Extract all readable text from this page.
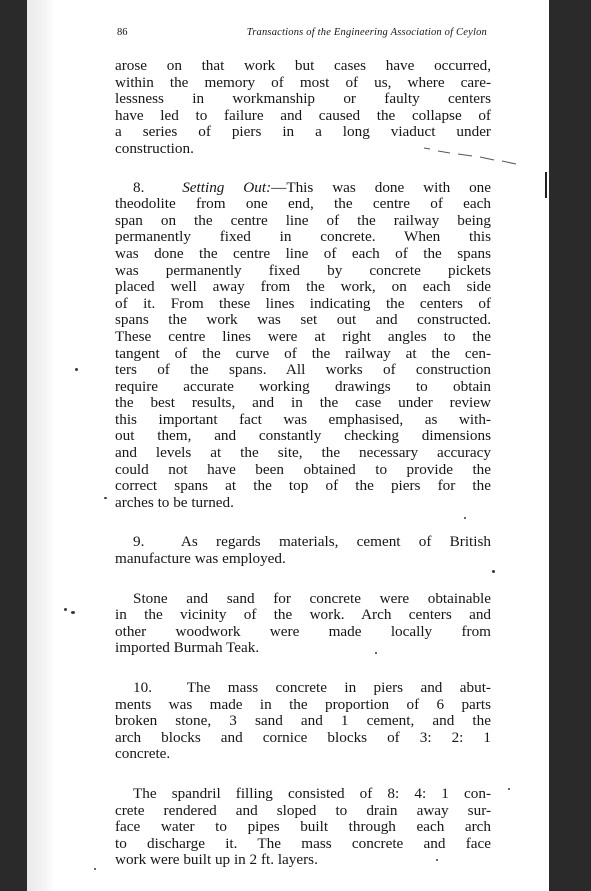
86	Transactions of the Engineering Association of Ceylon

arose on that work but cases have occurred,
within the memory of most of us, where care-
lessness in workmanship or faulty centers
have led to failure and caused the collapse of
a series of piers in a long viaduct under
construction.

8. Setting Out:—This was done with one
theodolite from one end, the centre of each
span on the centre line of the railway being
permanently fixed in concrete. When this
was done the centre line of each of the spans
was permanently fixed by concrete pickets
placed well away from the work, on each side
of it. From these lines indicating the centers of
spans the work was set out and constructed.
These centre lines were at right angles to the
tangent of the curve of the railway at the cen-
ters of the spans. All works of construction
require accurate working drawings to obtain
the best results, and in the case under review
this important fact was emphasised, as with-
out them, and constantly checking dimensions
and levels at the site, the necessary accuracy
could not have been obtained to provide the
correct spans at the top of the piers for the
arches to be turned.

9. As regards materials, cement of British
manufacture was employed.

Stone and sand for concrete were obtainable
in the vicinity of the work. Arch centers and
other woodwork were made locally from
imported Burmah Teak.

10. The mass concrete in piers and abut-
ments was made in the proportion of 6 parts
broken stone, 3 sand and 1 cement, and the
arch blocks and cornice blocks of 3: 2: 1
concrete.

The spandril filling consisted of 8: 4: 1 con-
crete rendered and sloped to drain away sur-
face water to pipes built through each arch
to discharge it. The mass concrete and face
work were built up in 2 ft. layers.
